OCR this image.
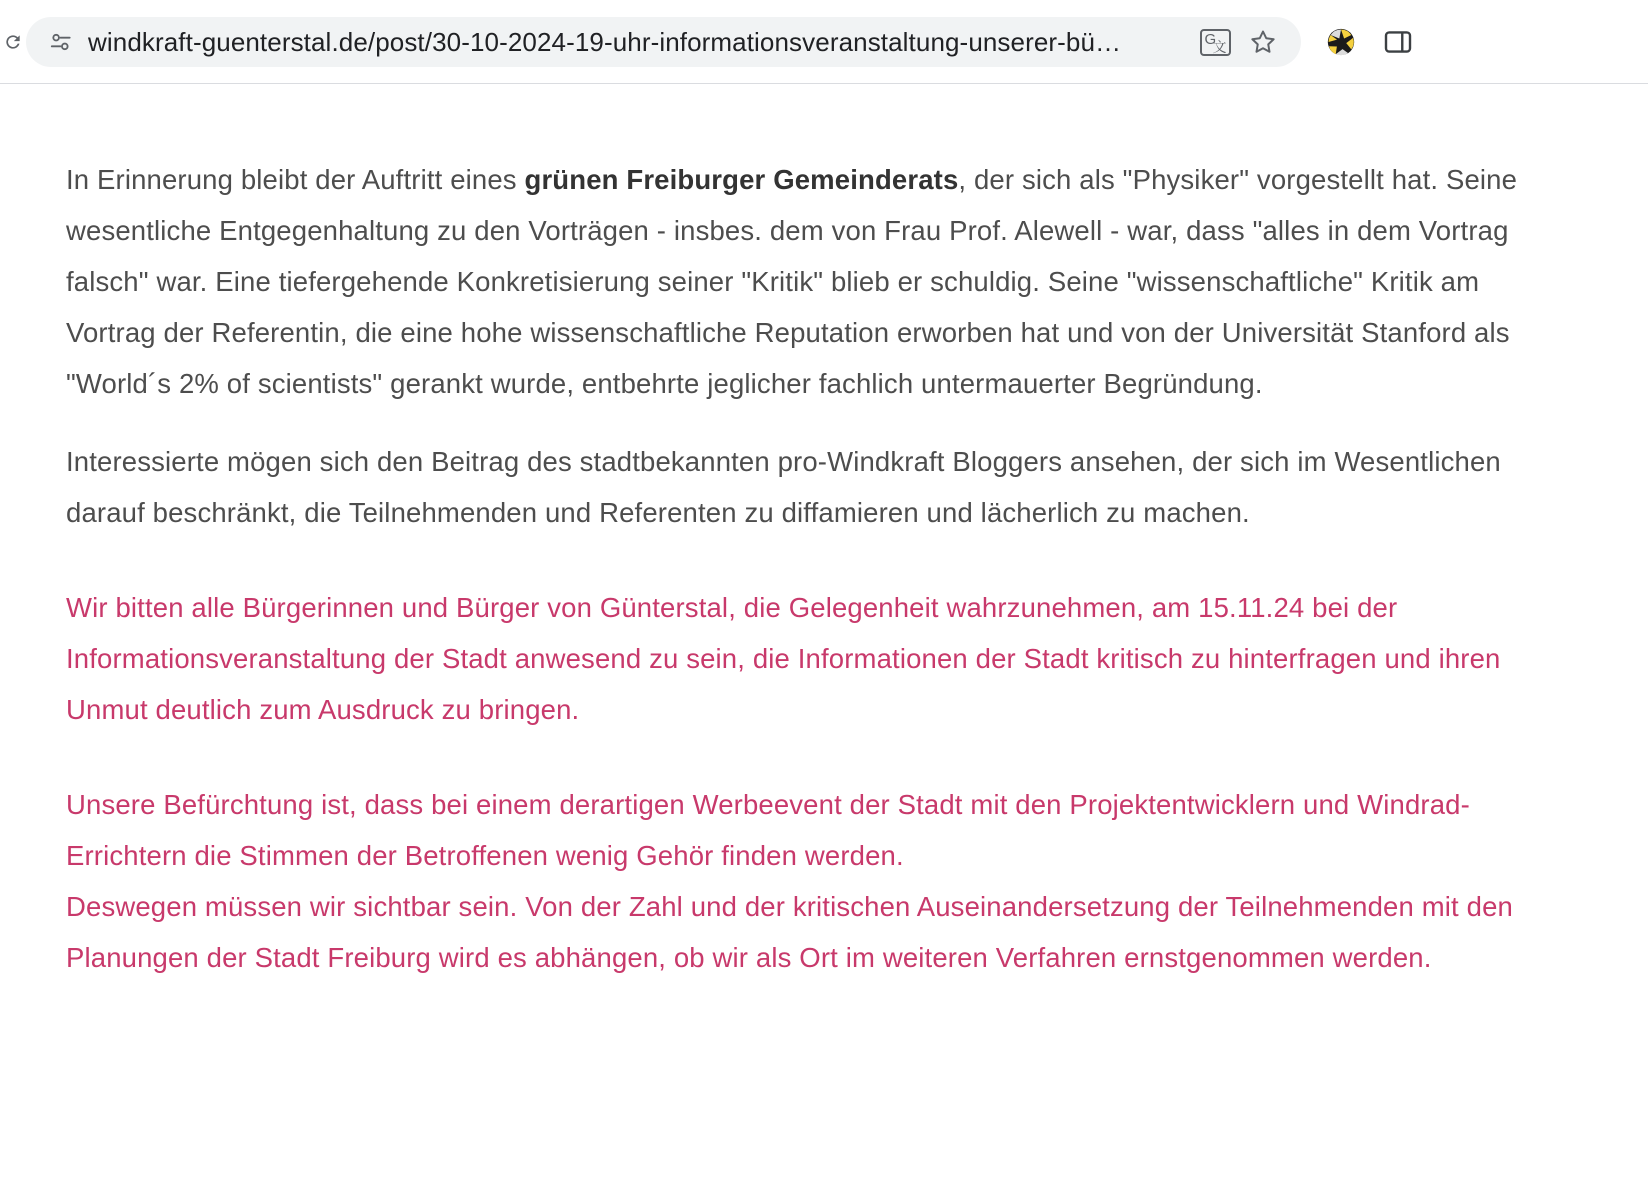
windkraft-guenterstal.de/post/30-10-2024-19-uhr-informationsveranstaltung-unserer-bü…	G
文

In Erinnerung bleibt der Auftritt eines grünen Freiburger Gemeinderats, der sich als "Physiker" vorgestellt hat. Seine wesentliche Entgegenhaltung zu den Vorträgen - insbes. dem von Frau Prof. Alewell - war, dass "alles in dem Vortrag falsch" war. Eine tiefergehende Konkretisierung seiner "Kritik" blieb er schuldig. Seine "wissenschaftliche" Kritik am Vortrag der Referentin, die eine hohe wissenschaftliche Reputation erworben hat und von der Universität Stanford als "World´s 2% of scientists" gerankt wurde, entbehrte jeglicher fachlich untermauerter Begründung.

Interessierte mögen sich den Beitrag des stadtbekannten pro-Windkraft Bloggers ansehen, der sich im Wesentlichen darauf beschränkt, die Teilnehmenden und Referenten zu diffamieren und lächerlich zu machen.

Wir bitten alle Bürgerinnen und Bürger von Günterstal, die Gelegenheit wahrzunehmen, am 15.11.24 bei der Informationsveranstaltung der Stadt anwesend zu sein, die Informationen der Stadt kritisch zu hinterfragen und ihren Unmut deutlich zum Ausdruck zu bringen.

Unsere Befürchtung ist, dass bei einem derartigen Werbeevent der Stadt mit den Projektentwicklern und Windrad-Errichtern die Stimmen der Betroffenen wenig Gehör finden werden.

Deswegen müssen wir sichtbar sein. Von der Zahl und der kritischen Auseinandersetzung der Teilnehmenden mit den Planungen der Stadt Freiburg wird es abhängen, ob wir als Ort im weiteren Verfahren ernstgenommen werden.
